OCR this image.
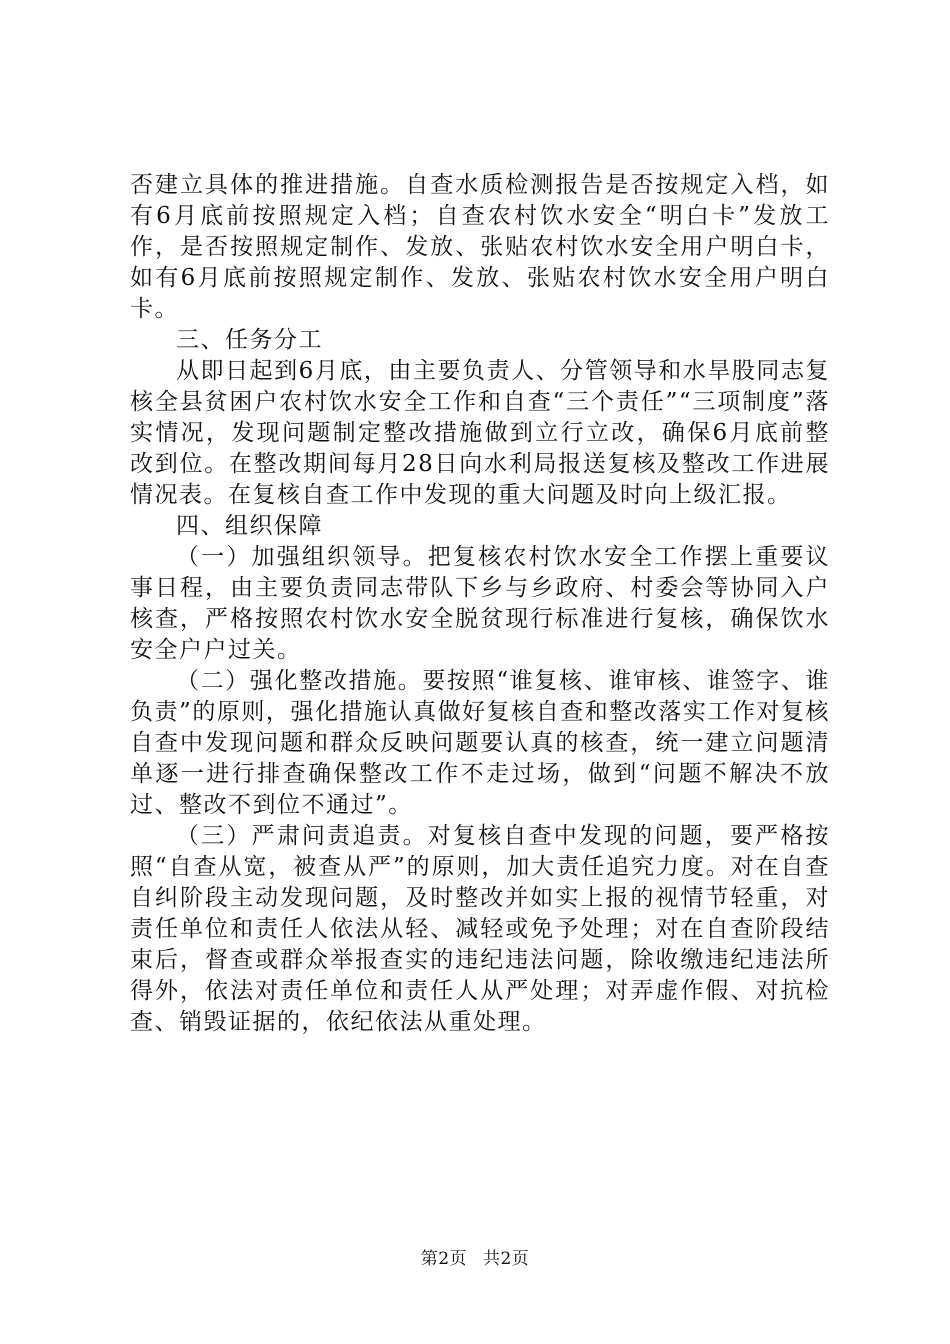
否建立具体的推进措施。自查水质检测报告是否按规定入档，如有6月底前按照规定入档；自查农村饮水安全“明白卡”发放工作，是否按照规定制作、发放、张贴农村饮水安全用户明白卡，如有6月底前按照规定制作、发放、张贴农村饮水安全用户明白卡。

三、任务分工

从即日起到6月底，由主要负责人、分管领导和水旱股同志复核全县贫困户农村饮水安全工作和自查“三个责任”“三项制度”落实情况，发现问题制定整改措施做到立行立改，确保6月底前整改到位。在整改期间每月28日向水利局报送复核及整改工作进展情况表。在复核自查工作中发现的重大问题及时向上级汇报。

四、组织保障

（一）加强组织领导。把复核农村饮水安全工作摆上重要议事日程，由主要负责同志带队下乡与乡政府、村委会等协同入户核查，严格按照农村饮水安全脱贫现行标准进行复核，确保饮水安全户户过关。

（二）强化整改措施。要按照“谁复核、谁审核、谁签字、谁负责”的原则，强化措施认真做好复核自查和整改落实工作对复核自查中发现问题和群众反映问题要认真的核查，统一建立问题清单逐一进行排查确保整改工作不走过场，做到“问题不解决不放过、整改不到位不通过”。

（三）严肃问责追责。对复核自查中发现的问题，要严格按照“自查从宽，被查从严”的原则，加大责任追究力度。对在自查自纠阶段主动发现问题，及时整改并如实上报的视情节轻重，对责任单位和责任人依法从轻、减轻或免予处理；对在自查阶段结束后，督查或群众举报查实的违纪违法问题，除收缴违纪违法所得外，依法对责任单位和责任人从严处理；对弄虚作假、对抗检查、销毁证据的，依纪依法从重处理。

第2页 共2页
